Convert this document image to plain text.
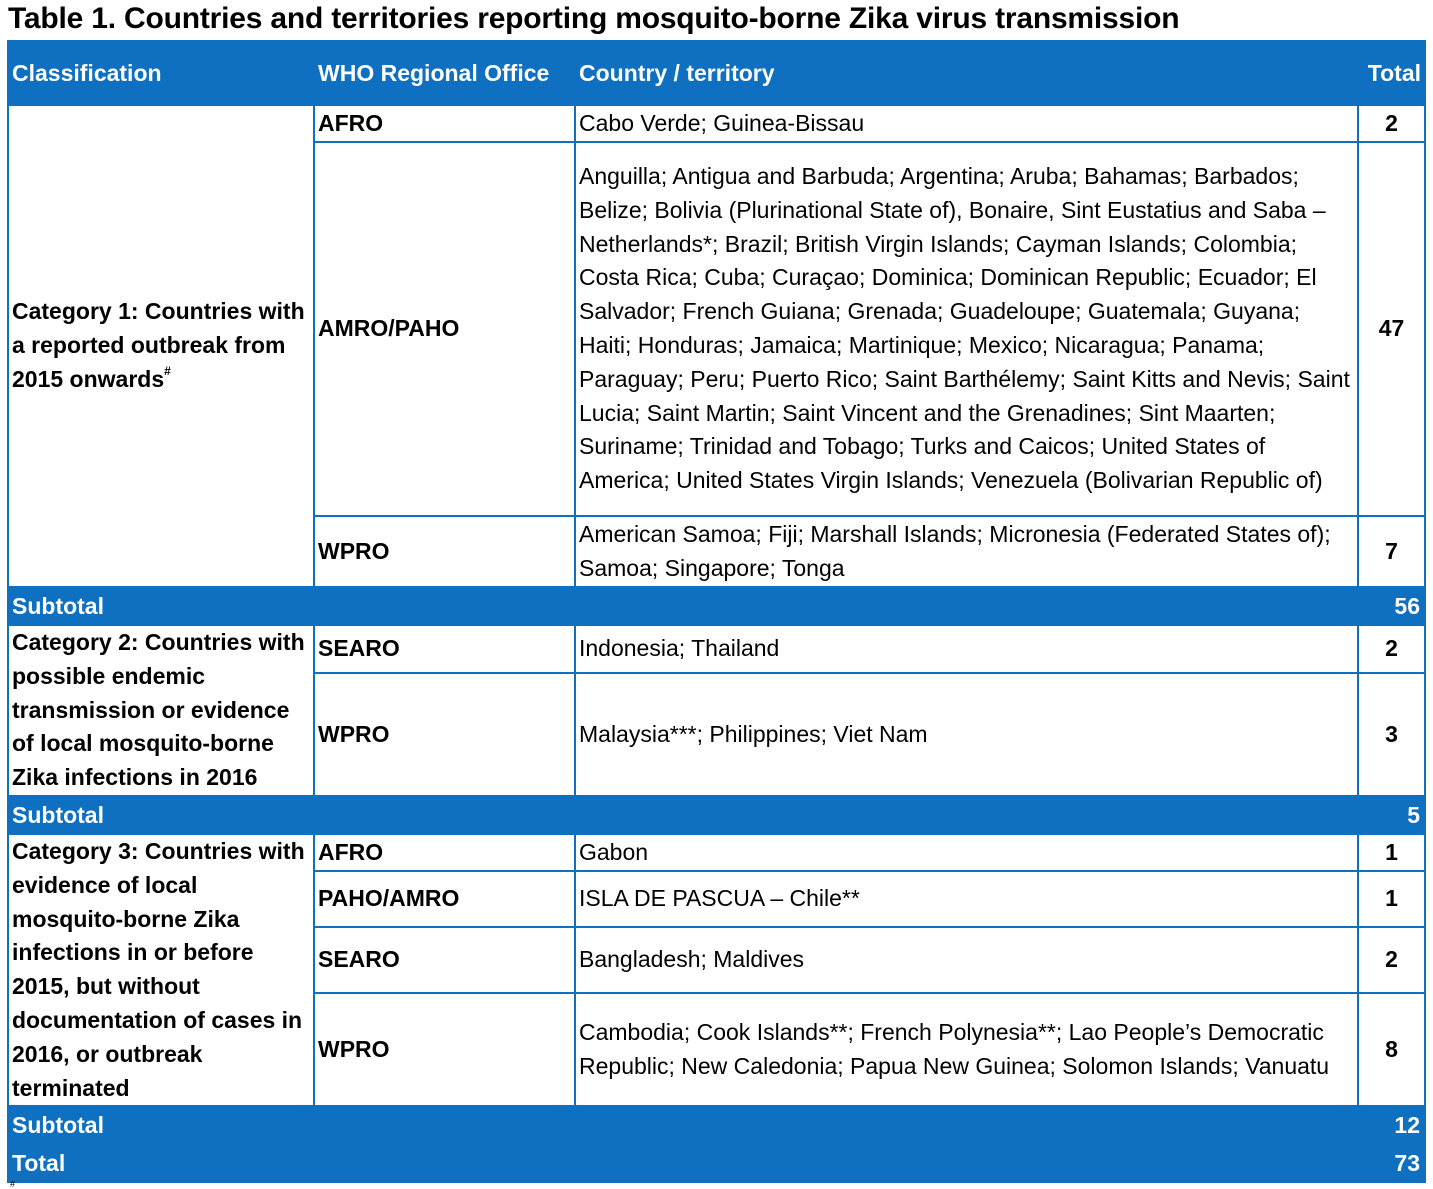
Table 1. Countries and territories reporting mosquito-borne Zika virus transmission
Classification	WHO Regional Office	Country / territory	Total
Category 1: Countries with a reported outbreak from 2015 onwards#	AFRO	Cabo Verde; Guinea-Bissau	2
	AMRO/PAHO	Anguilla; Antigua and Barbuda; Argentina; Aruba; Bahamas; Barbados; Belize; Bolivia (Plurinational State of), Bonaire, Sint Eustatius and Saba – Netherlands*; Brazil; British Virgin Islands; Cayman Islands; Colombia; Costa Rica; Cuba; Curaçao; Dominica; Dominican Republic; Ecuador; El Salvador; French Guiana; Grenada; Guadeloupe; Guatemala; Guyana; Haiti; Honduras; Jamaica; Martinique; Mexico; Nicaragua; Panama; Paraguay; Peru; Puerto Rico; Saint Barthélemy; Saint Kitts and Nevis; Saint Lucia; Saint Martin; Saint Vincent and the Grenadines; Sint Maarten; Suriname; Trinidad and Tobago; Turks and Caicos; United States of America; United States Virgin Islands; Venezuela (Bolivarian Republic of)	47
	WPRO	American Samoa; Fiji; Marshall Islands; Micronesia (Federated States of); Samoa; Singapore; Tonga	7
Subtotal			56
Category 2: Countries with possible endemic transmission or evidence of local mosquito-borne Zika infections in 2016	SEARO	Indonesia; Thailand	2
	WPRO	Malaysia***; Philippines; Viet Nam	3
Subtotal			5
Category 3: Countries with evidence of local mosquito-borne Zika infections in or before 2015, but without documentation of cases in 2016, or outbreak terminated	AFRO	Gabon	1
	PAHO/AMRO	ISLA DE PASCUA – Chile**	1
	SEARO	Bangladesh; Maldives	2
	WPRO	Cambodia; Cook Islands**; French Polynesia**; Lao People’s Democratic Republic; New Caledonia; Papua New Guinea; Solomon Islands; Vanuatu	8
Subtotal			12
Total			73
#
